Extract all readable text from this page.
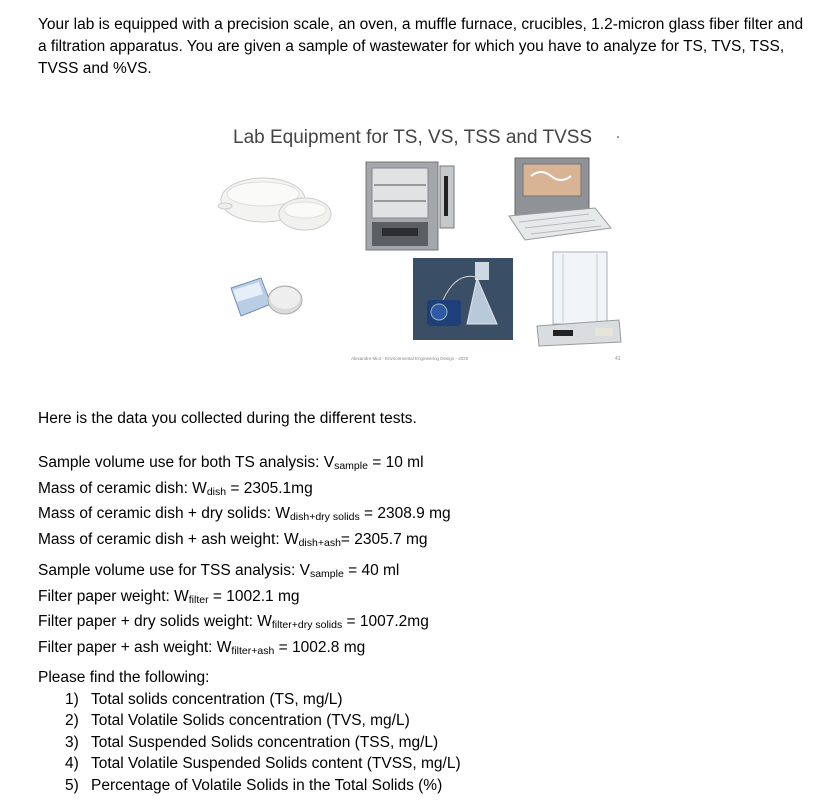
Your lab is equipped with a precision scale, an oven, a muffle furnace, crucibles, 1.2-micron glass fiber filter and a filtration apparatus. You are given a sample of wastewater for which you have to analyze for TS, TVS, TSS, TVSS and %VS.

Lab Equipment for TS, VS, TSS and TVSS
Alexandre Miot - Environmental Engineering Design - 2020	41

Here is the data you collected during the different tests.

Sample volume use for both TS analysis: $V_{sample} = 10$ ml
Mass of ceramic dish: $W_{dish} = 2305.1mg$
Mass of ceramic dish + dry solids: $W_{dish+dry solids} = 2308.9$ mg
Mass of ceramic dish + ash weight: $W_{dish+ash}= 2305.7$ mg
Sample volume use for TSS analysis: $V_{sample} = 40$ ml
Filter paper weight: $W_{filter} = 1002.1$ mg
Filter paper + dry solids weight: $W_{filter+dry solids} = 1007.2mg$
Filter paper + ash weight: $W_{filter+ash} = 1002.8$ mg
Please find the following:
1) Total solids concentration (TS, mg/L)
2) Total Volatile Solids concentration (TVS, mg/L)
3) Total Suspended Solids concentration (TSS, mg/L)
4) Total Volatile Suspended Solids content (TVSS, mg/L)
5) Percentage of Volatile Solids in the Total Solids (%)
